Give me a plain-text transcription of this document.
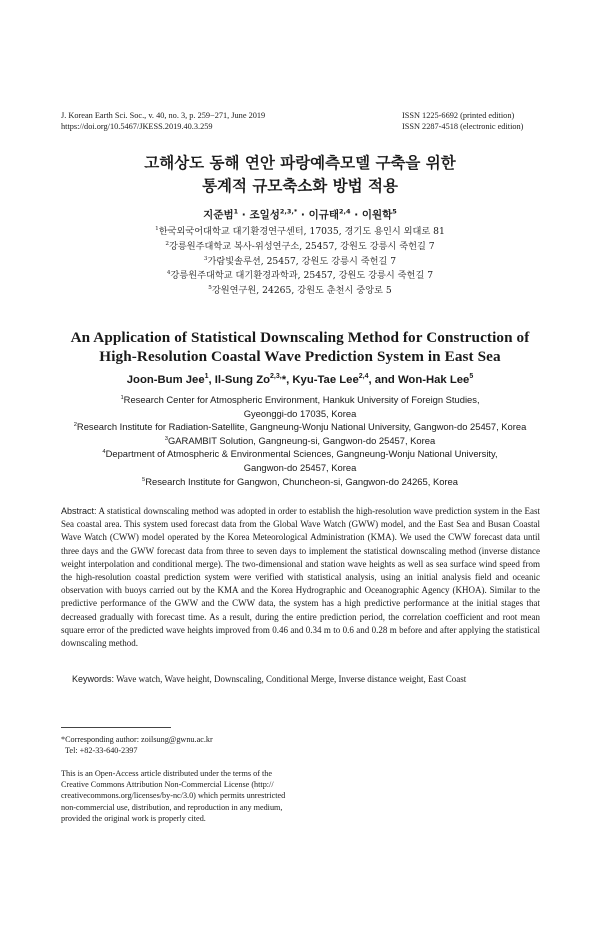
J. Korean Earth Sci. Soc., v. 40, no. 3, p. 259−271, June 2019
https://doi.org/10.5467/JKESS.2019.40.3.259
ISSN 1225-6692 (printed edition)
ISSN 2287-4518 (electronic edition)
고해상도 동해 연안 파랑예측모델 구축을 위한
통계적 규모축소화 방법 적용
지준범$^1$ · 조일성$^{2,3,*}$ · 이규태$^{2,4}$ · 이원학$^5$
$^1$한국외국어대학교 대기환경연구센터, 17035, 경기도 용인시 외대로 81
$^2$강릉원주대학교 복사-위성연구소, 25457, 강원도 강릉시 죽헌길 7
$^3$가람빛솔루션, 25457, 강원도 강릉시 죽헌길 7
$^4$강릉원주대학교 대기환경과학과, 25457, 강원도 강릉시 죽헌길 7
$^5$강원연구원, 24265, 강원도 춘천시 중앙로 5
An Application of Statistical Downscaling Method for Construction of
High-Resolution Coastal Wave Prediction System in East Sea
Joon-Bum Jee$^1$, Il-Sung $Zo^{2,3,}*$, Kyu-Tae Lee$^{2,4}$, and Won-Hak Lee$^5$
$^1$Research Center for Atmospheric Environment, Hankuk University of Foreign Studies,
Gyeonggi-do 17035, Korea
$^2$Research Institute for Radiation-Satellite, Gangneung-Wonju National University, Gangwon-do 25457, Korea
$^3$GARAMBIT Solution, Gangneung-si, Gangwon-do 25457, Korea
$^4$Department of Atmospheric & Environmental Sciences, Gangneung-Wonju National University,
Gangwon-do 25457, Korea
$^5$Research Institute for Gangwon, Chuncheon-si, Gangwon-do 24265, Korea
Abstract: A statistical downscaling method was adopted in order to establish the high-resolution wave prediction system in the East Sea coastal area. This system used forecast data from the Global Wave Watch (GWW) model, and the East Sea and Busan Coastal Wave Watch (CWW) model operated by the Korea Meteorological Administration (KMA). We used the CWW forecast data until three days and the GWW forecast data from three to seven days to implement the statistical downscaling method (inverse distance weight interpolation and conditional merge). The two-dimensional and station wave heights as well as sea surface wind speed from the high-resolution coastal prediction system were verified with statistical analysis, using an initial analysis field and oceanic observation with buoys carried out by the KMA and the Korea Hydrographic and Oceanographic Agency (KHOA). Similar to the predictive performance of the GWW and the CWW data, the system has a high predictive performance at the initial stages that decreased gradually with forecast time. As a result, during the entire prediction period, the correlation coefficient and root mean square error of the predicted wave heights improved from 0.46 and 0.34 m to 0.6 and 0.28 m before and after applying the statistical downscaling method.
Keywords: Wave watch, Wave height, Downscaling, Conditional Merge, Inverse distance weight, East Coast
*Corresponding author: zoilsung@gwnu.ac.kr
Tel: +82-33-640-2397
This is an Open-Access article distributed under the terms of the
Creative Commons Attribution Non-Commercial License (http://
creativecommons.org/licenses/by-nc/3.0) which permits unrestricted
non-commercial use, distribution, and reproduction in any medium,
provided the original work is properly cited.
